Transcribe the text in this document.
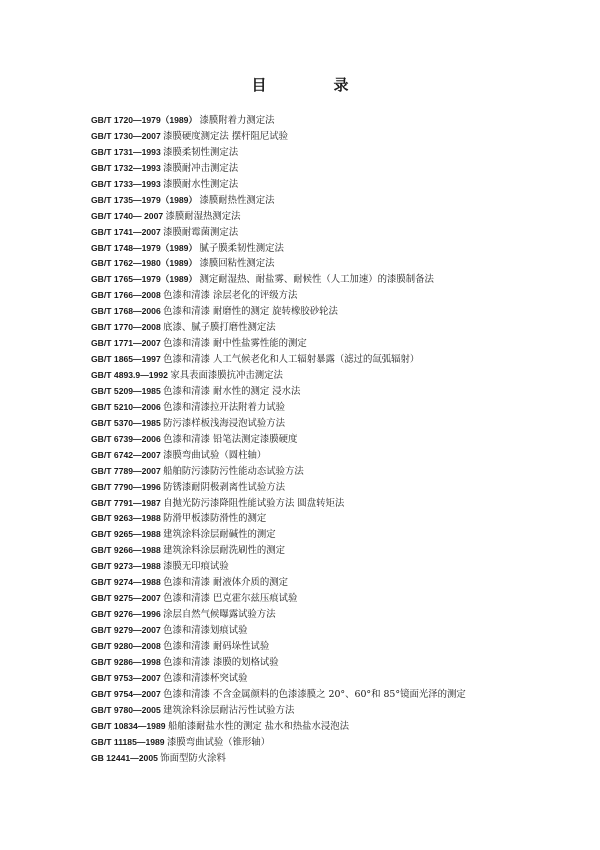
目　录
GB/T 1720—1979（1989） 漆膜附着力测定法
GB/T 1730—2007 漆膜硬度测定法 摆杆阻尼试验
GB/T 1731—1993 漆膜柔韧性测定法
GB/T 1732—1993 漆膜耐冲击测定法
GB/T 1733—1993 漆膜耐水性测定法
GB/T 1735—1979（1989） 漆膜耐热性测定法
GB/T 1740— 2007 漆膜耐湿热测定法
GB/T 1741—2007 漆膜耐霉菌测定法
GB/T 1748—1979（1989） 腻子膜柔韧性测定法
GB/T 1762—1980（1989） 漆膜回粘性测定法
GB/T 1765—1979（1989） 测定耐湿热、耐盐雾、耐候性（人工加速）的漆膜制备法
GB/T 1766—2008 色漆和清漆 涂层老化的评级方法
GB/T 1768—2006 色漆和清漆 耐磨性的测定 旋转橡胶砂轮法
GB/T 1770—2008 底漆、腻子膜打磨性测定法
GB/T 1771—2007 色漆和清漆 耐中性盐雾性能的测定
GB/T 1865—1997 色漆和清漆 人工气候老化和人工辐射暴露（滤过的氙弧辐射）
GB/T 4893.9—1992 家具表面漆膜抗冲击测定法
GB/T 5209—1985 色漆和清漆 耐水性的测定 浸水法
GB/T 5210—2006 色漆和清漆拉开法附着力试验
GB/T 5370—1985 防污漆样板浅海浸泡试验方法
GB/T 6739—2006 色漆和清漆 铅笔法测定漆膜硬度
GB/T 6742—2007 漆膜弯曲试验（圆柱轴）
GB/T 7789—2007 船舶防污漆防污性能动态试验方法
GB/T 7790—1996 防锈漆耐阴极剥离性试验方法
GB/T 7791—1987 自抛光防污漆降阻性能试验方法 圆盘转矩法
GB/T 9263—1988 防滑甲板漆防滑性的测定
GB/T 9265—1988 建筑涂料涂层耐碱性的测定
GB/T 9266—1988 建筑涂料涂层耐洗刷性的测定
GB/T 9273—1988 漆膜无印痕试验
GB/T 9274—1988 色漆和清漆 耐液体介质的测定
GB/T 9275—2007 色漆和清漆 巴克霍尔兹压痕试验
GB/T 9276—1996 涂层自然气候曝露试验方法
GB/T 9279—2007 色漆和清漆划痕试验
GB/T 9280—2008 色漆和清漆 耐码垛性试验
GB/T 9286—1998 色漆和清漆 漆膜的划格试验
GB/T 9753—2007 色漆和清漆杯突试验
GB/T 9754—2007 色漆和清漆 不含金属颜料的色漆漆膜之 20°、60°和 85°镜面光泽的测定
GB/T 9780—2005 建筑涂料涂层耐沾污性试验方法
GB/T 10834—1989 船舶漆耐盐水性的测定 盐水和热盐水浸泡法
GB/T 11185—1989 漆膜弯曲试验（锥形轴）
GB 12441—2005 饰面型防火涂料
